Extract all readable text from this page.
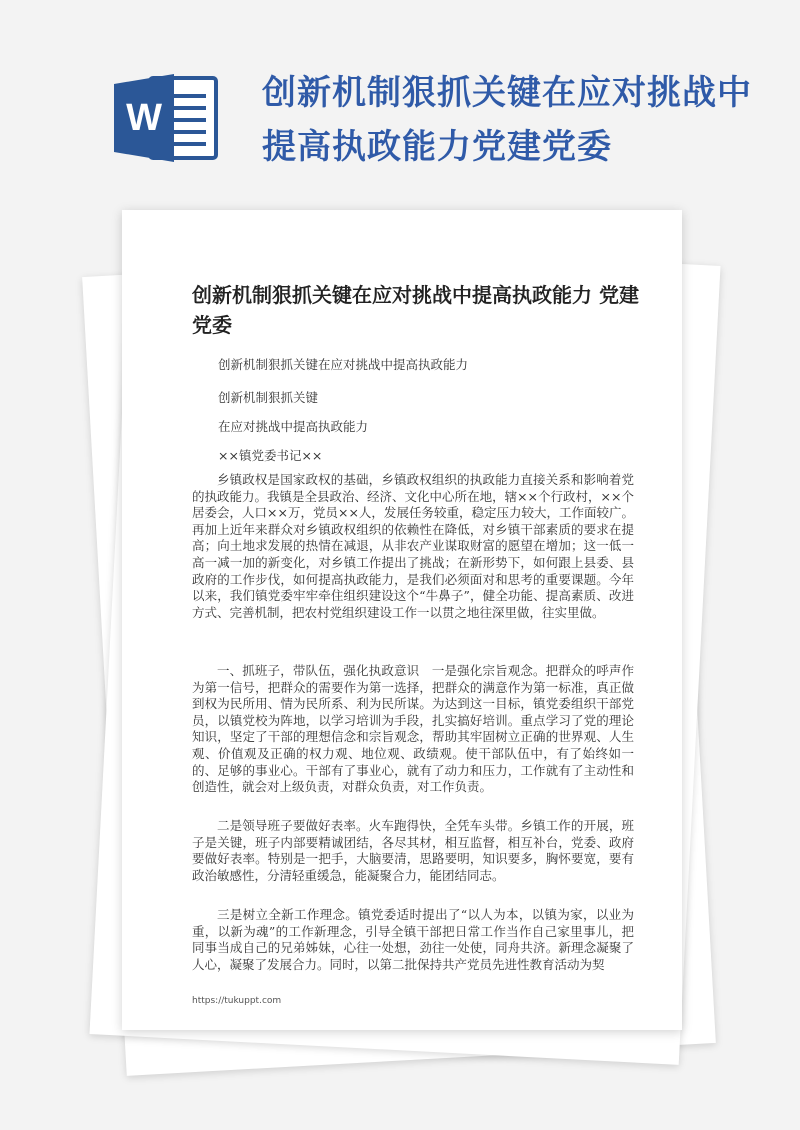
W
创新机制狠抓关键在应对挑战中提高执政能力党建党委
创新机制狠抓关键在应对挑战中提高执政能力 党建党委
创新机制狠抓关键在应对挑战中提高执政能力
创新机制狠抓关键
在应对挑战中提高执政能力
××镇党委书记××

乡镇政权是国家政权的基础，乡镇政权组织的执政能力直接关系和影响着党的执政能力。我镇是全县政治、经济、文化中心所在地，辖××个行政村，××个居委会，人口××万，党员××人，发展任务较重，稳定压力较大，工作面较广。再加上近年来群众对乡镇政权组织的依赖性在降低，对乡镇干部素质的要求在提高；向土地求发展的热情在减退，从非农产业谋取财富的愿望在增加；这一低一高一减一加的新变化，对乡镇工作提出了挑战；在新形势下，如何跟上县委、县政府的工作步伐，如何提高执政能力，是我们必须面对和思考的重要课题。今年以来，我们镇党委牢牢牵住组织建设这个“牛鼻子”，健全功能、提高素质、改进方式、完善机制，把农村党组织建设工作一以贯之地往深里做，往实里做。

一、抓班子，带队伍，强化执政意识　一是强化宗旨观念。把群众的呼声作为第一信号，把群众的需要作为第一选择，把群众的满意作为第一标准，真正做到权为民所用、情为民所系、利为民所谋。为达到这一目标，镇党委组织干部党员，以镇党校为阵地，以学习培训为手段，扎实搞好培训。重点学习了党的理论知识，坚定了干部的理想信念和宗旨观念，帮助其牢固树立正确的世界观、人生观、价值观及正确的权力观、地位观、政绩观。使干部队伍中，有了始终如一的、足够的事业心。干部有了事业心，就有了动力和压力，工作就有了主动性和创造性，就会对上级负责，对群众负责，对工作负责。

二是领导班子要做好表率。火车跑得快，全凭车头带。乡镇工作的开展，班子是关键，班子内部要精诚团结，各尽其材，相互监督，相互补台，党委、政府要做好表率。特别是一把手，大脑要清，思路要明，知识要多，胸怀要宽，要有政治敏感性，分清轻重缓急，能凝聚合力，能团结同志。

三是树立全新工作理念。镇党委适时提出了“以人为本，以镇为家，以业为重，以新为魂”的工作新理念，引导全镇干部把日常工作当作自己家里事儿，把同事当成自己的兄弟姊妹，心往一处想，劲往一处使，同舟共济。新理念凝聚了人心，凝聚了发展合力。同时，以第二批保持共产党员先进性教育活动为契

https://tukuppt.com
